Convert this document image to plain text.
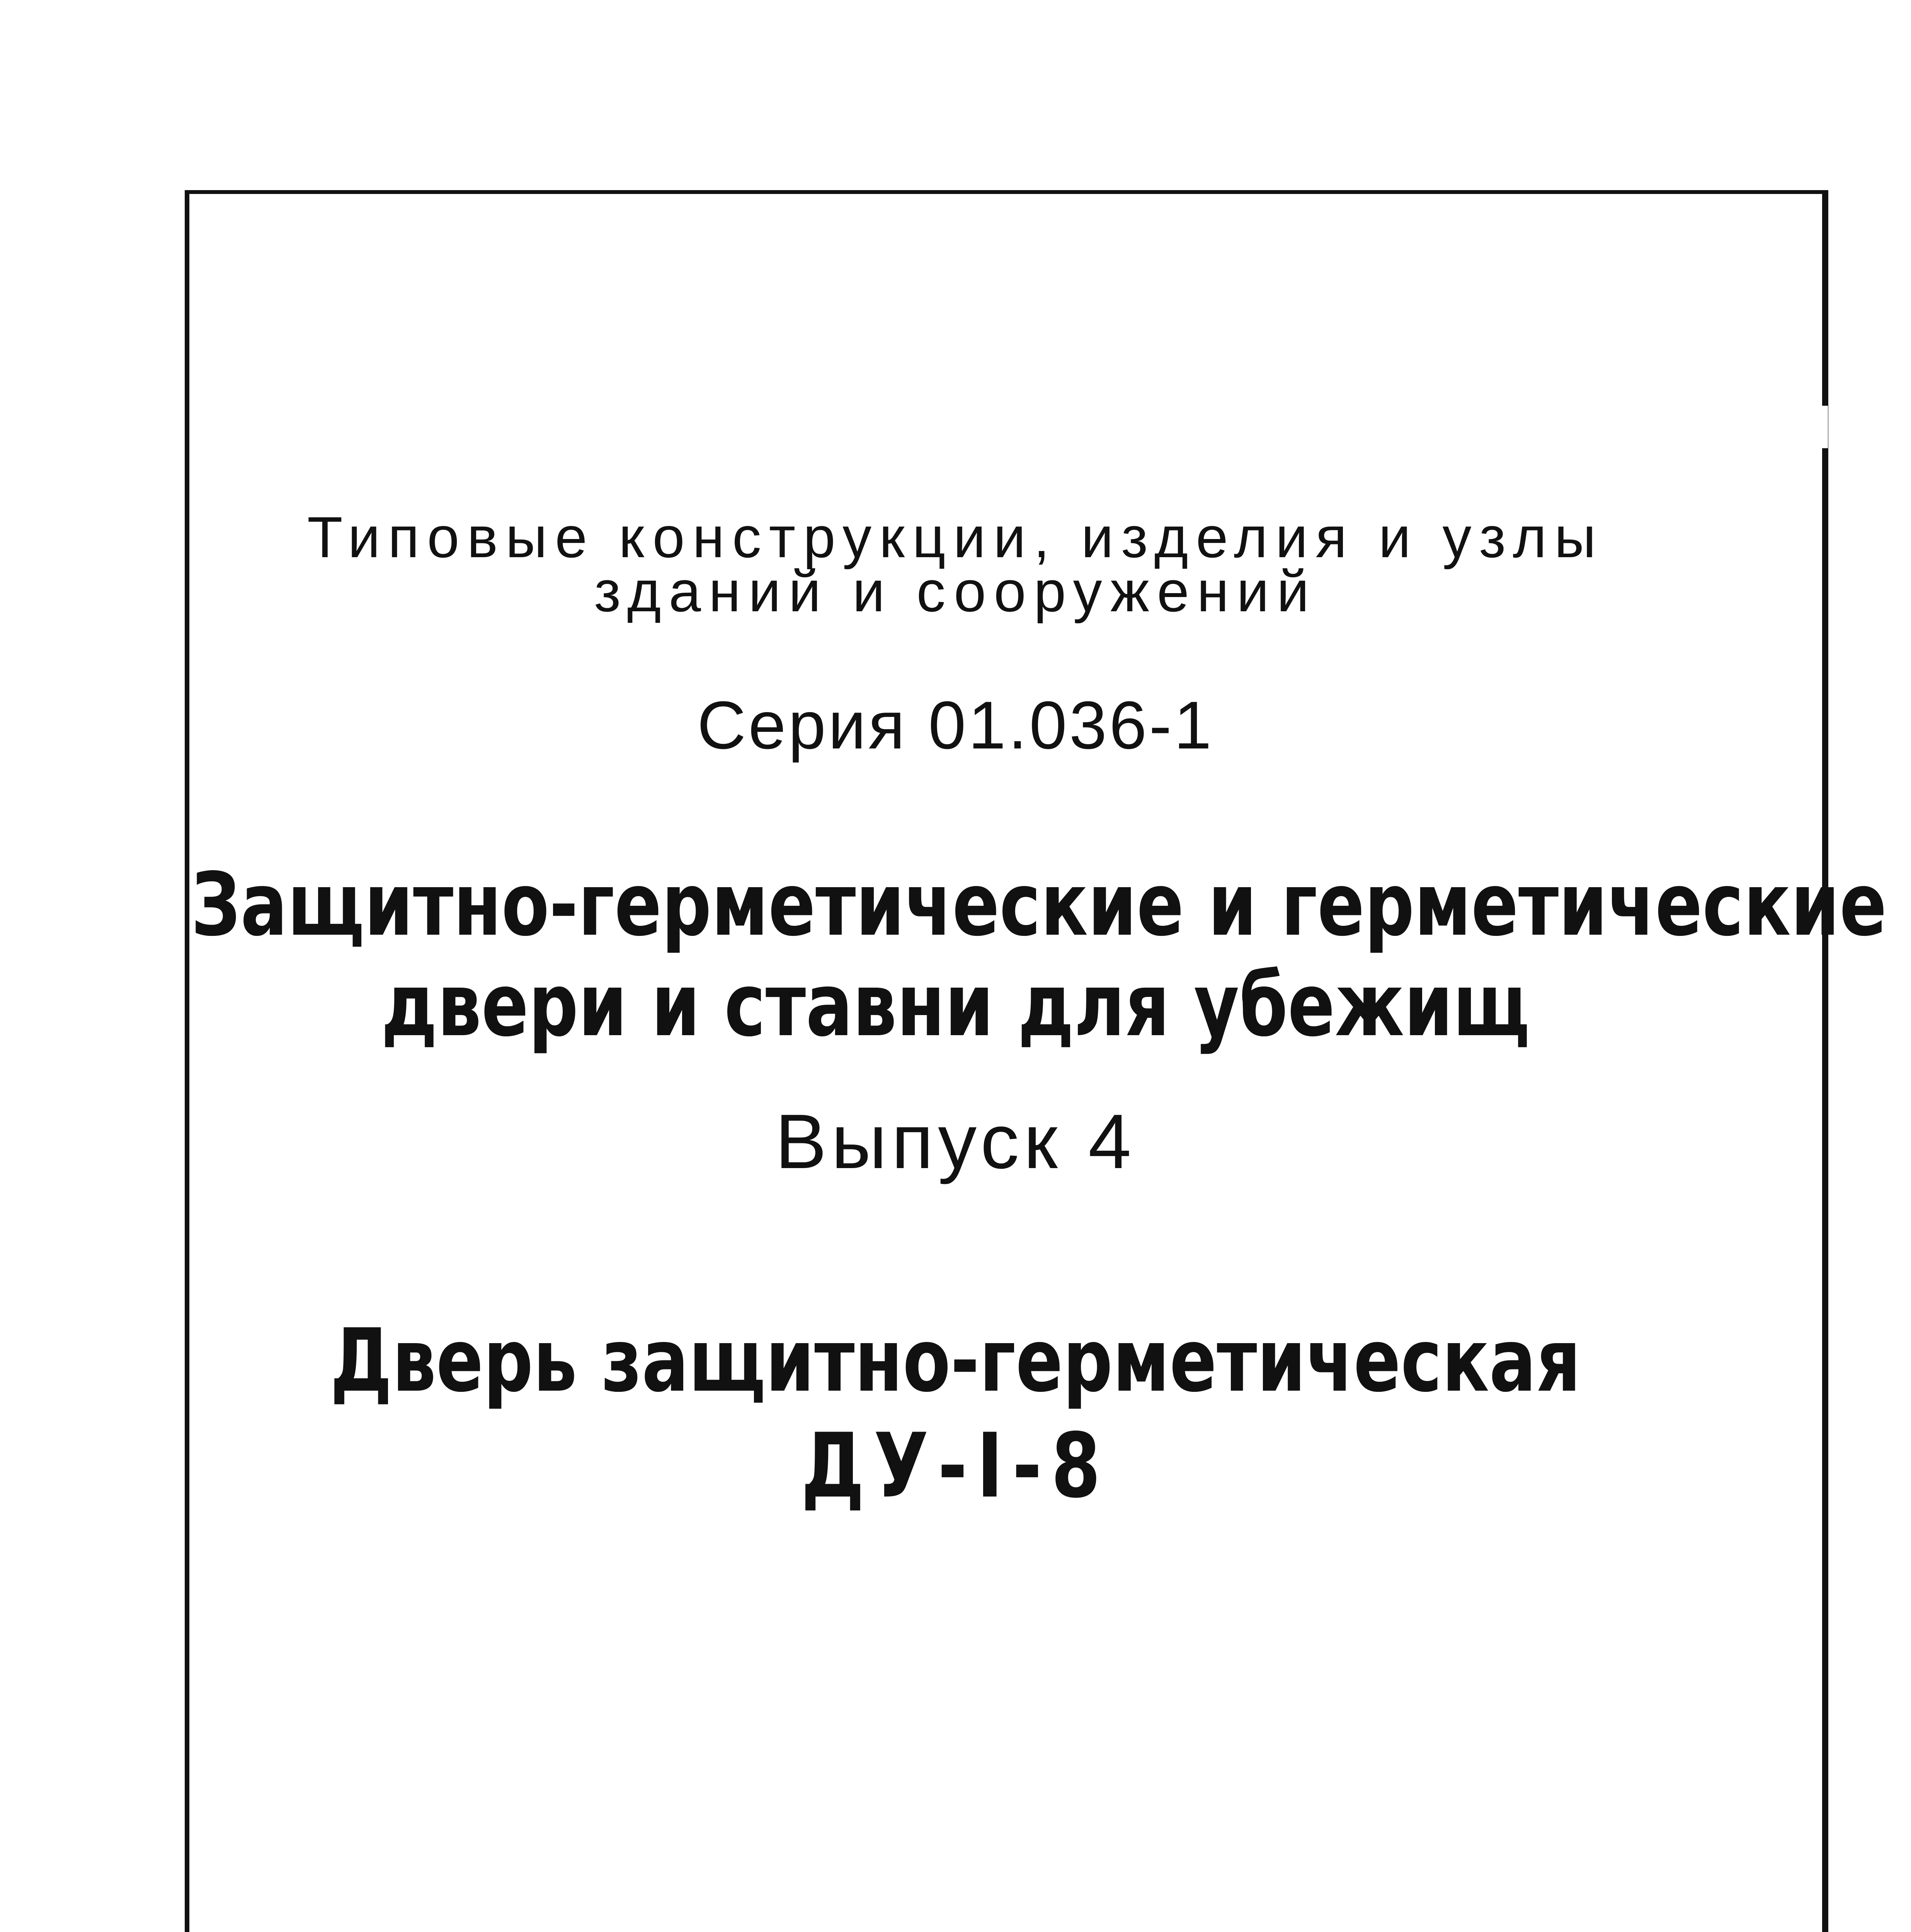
Типовые конструкции, изделия и узлы
зданий и сооружений
Серия 01.036-1
Защитно-герметические и герметические
двери и ставни для убежищ
Выпуск 4
Дверь защитно-герметическая
ДУ-I-8
